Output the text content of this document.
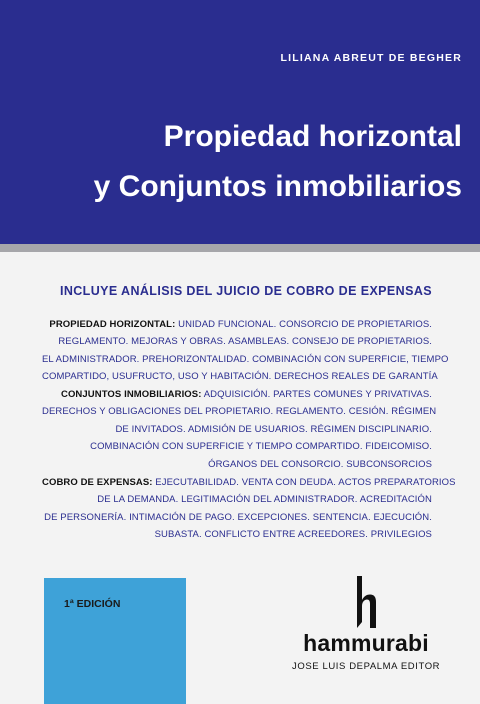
LILIANA ABREUT DE BEGHER
Propiedad horizontal
y Conjuntos inmobiliarios
INCLUYE ANÁLISIS DEL JUICIO DE COBRO DE EXPENSAS
PROPIEDAD HORIZONTAL: UNIDAD FUNCIONAL. CONSORCIO DE PROPIETARIOS.
REGLAMENTO. MEJORAS Y OBRAS. ASAMBLEAS. CONSEJO DE PROPIETARIOS.
EL ADMINISTRADOR. PREHORIZONTALIDAD. COMBINACIÓN CON SUPERFICIE, TIEMPO
COMPARTIDO, USUFRUCTO, USO Y HABITACIÓN. DERECHOS REALES DE GARANTÍA
CONJUNTOS INMOBILIARIOS: ADQUISICIÓN. PARTES COMUNES Y PRIVATIVAS.
DERECHOS Y OBLIGACIONES DEL PROPIETARIO. REGLAMENTO. CESIÓN. RÉGIMEN
DE INVITADOS. ADMISIÓN DE USUARIOS. RÉGIMEN DISCIPLINARIO.
COMBINACIÓN CON SUPERFICIE Y TIEMPO COMPARTIDO. FIDEICOMISO.
ÓRGANOS DEL CONSORCIO. SUBCONSORCIOS
COBRO DE EXPENSAS: EJECUTABILIDAD. VENTA CON DEUDA. ACTOS PREPARATORIOS
DE LA DEMANDA. LEGITIMACIÓN DEL ADMINISTRADOR. ACREDITACIÓN
DE PERSONERÍA. INTIMACIÓN DE PAGO. EXCEPCIONES. SENTENCIA. EJECUCIÓN.
SUBASTA. CONFLICTO ENTRE ACREEDORES. PRIVILEGIOS
1ª EDICIÓN
hammurabi
JOSE LUIS DEPALMA EDITOR
